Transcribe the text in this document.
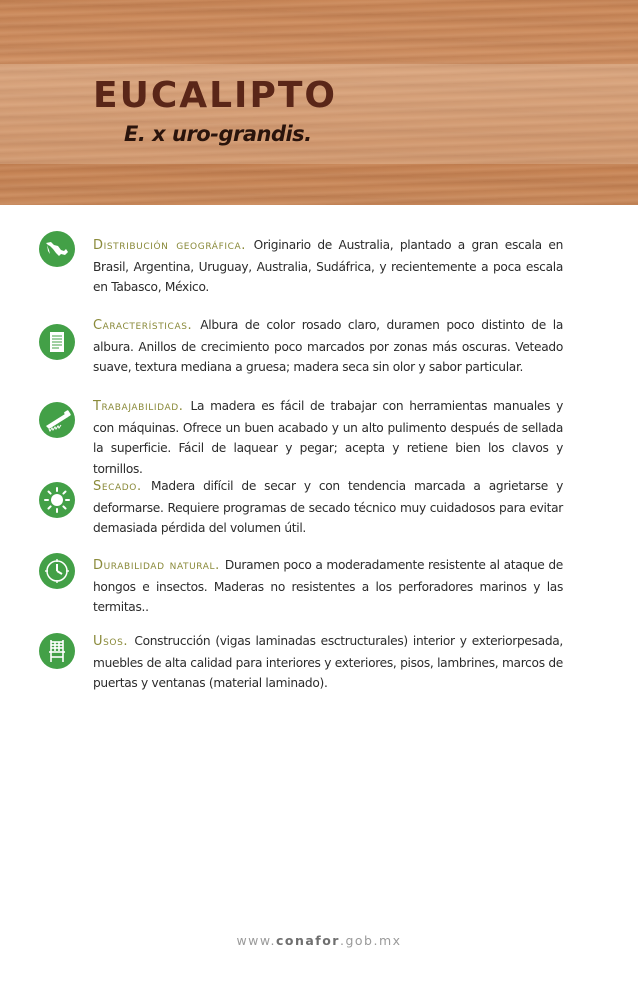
EUCALIPTO
E. x uro-grandis.

Distribución geográfica. Originario de Australia, plantado a gran escala en Brasil, Argentina, Uruguay, Australia, Sudáfrica, y recientemente a poca escala en Tabasco, México.

Características. Albura de color rosado claro, duramen poco distinto de la albura. Anillos de crecimiento poco marcados por zonas más oscuras. Veteado suave, textura mediana a gruesa; madera seca sin olor y sabor particular.

Trabajabilidad. La madera es fácil de trabajar con herramientas manuales y con máquinas. Ofrece un buen acabado y un alto pulimento después de sellada la superficie. Fácil de laquear y pegar; acepta y retiene bien los clavos y tornillos.

Secado. Madera difícil de secar y con tendencia marcada a agrietarse y deformarse. Requiere programas de secado técnico muy cuidadosos para evitar demasiada pérdida del volumen útil.

Durabilidad natural. Duramen poco a moderadamente resistente al ataque de hongos e insectos. Maderas no resistentes a los perforadores marinos y las termitas..

Usos. Construcción (vigas laminadas esctructurales) interior y exteriorpesada, muebles de alta calidad para interiores y exteriores, pisos, lambrines, marcos de puertas y ventanas (material laminado).

www.conafor.gob.mx
